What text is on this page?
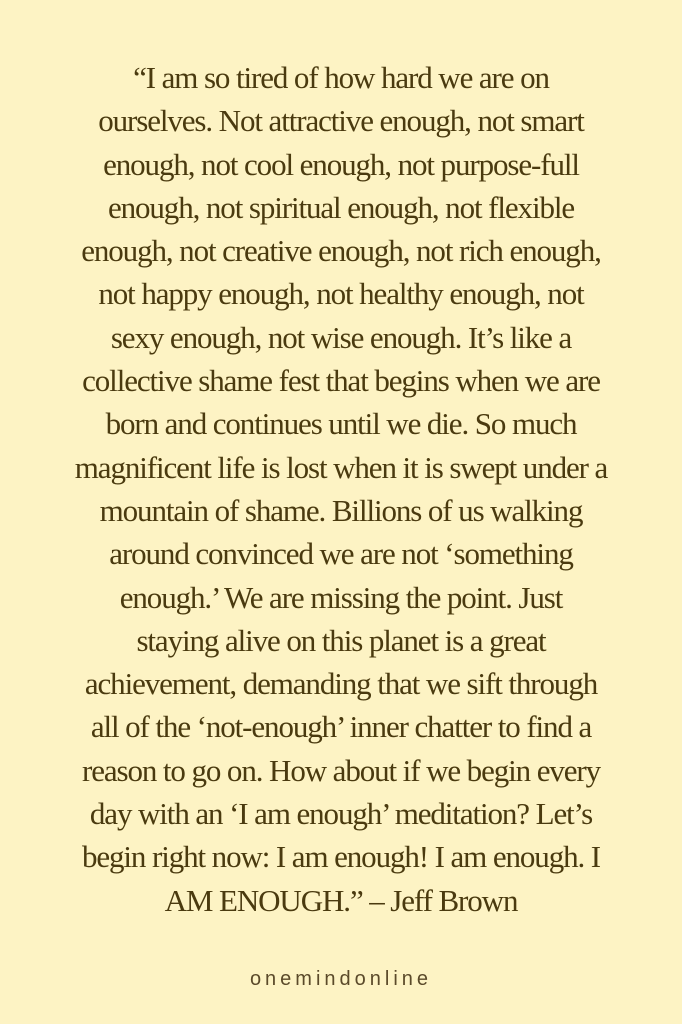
“I am so tired of how hard we are on
ourselves. Not attractive enough, not smart
enough, not cool enough, not purpose-full
enough, not spiritual enough, not flexible
enough, not creative enough, not rich enough,
not happy enough, not healthy enough, not
sexy enough, not wise enough. It’s like a
collective shame fest that begins when we are
born and continues until we die. So much
magnificent life is lost when it is swept under a
mountain of shame. Billions of us walking
around convinced we are not ‘something
enough.’ We are missing the point. Just
staying alive on this planet is a great
achievement, demanding that we sift through
all of the ‘not-enough’ inner chatter to find a
reason to go on. How about if we begin every
day with an ‘I am enough’ meditation? Let’s
begin right now: I am enough! I am enough. I
AM ENOUGH.” – Jeff Brown

onemindonline
